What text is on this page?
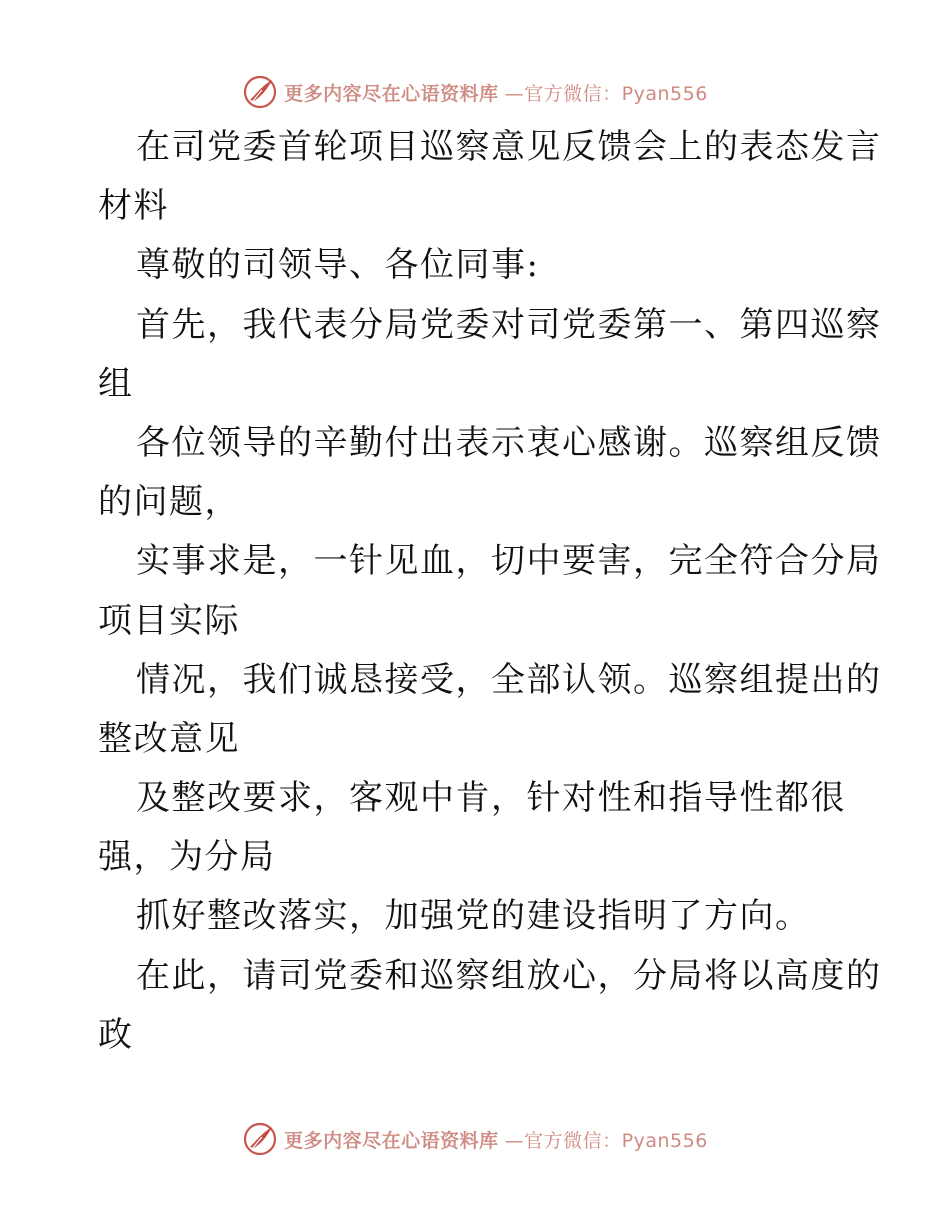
更多内容尽在心语资料库 —官方微信：Pyan556
在司党委首轮项目巡察意见反馈会上的表态发言
材料
尊敬的司领导、各位同事:
首先，我代表分局党委对司党委第一、第四巡察
组
各位领导的辛勤付出表示衷心感谢。巡察组反馈
的问题，
实事求是，一针见血，切中要害，完全符合分局
项目实际
情况，我们诚恳接受，全部认领。巡察组提出的
整改意见
及整改要求，客观中肯，针对性和指导性都很
强，为分局
抓好整改落实，加强党的建设指明了方向。
在此，请司党委和巡察组放心，分局将以高度的
政
更多内容尽在心语资料库 —官方微信：Pyan556
